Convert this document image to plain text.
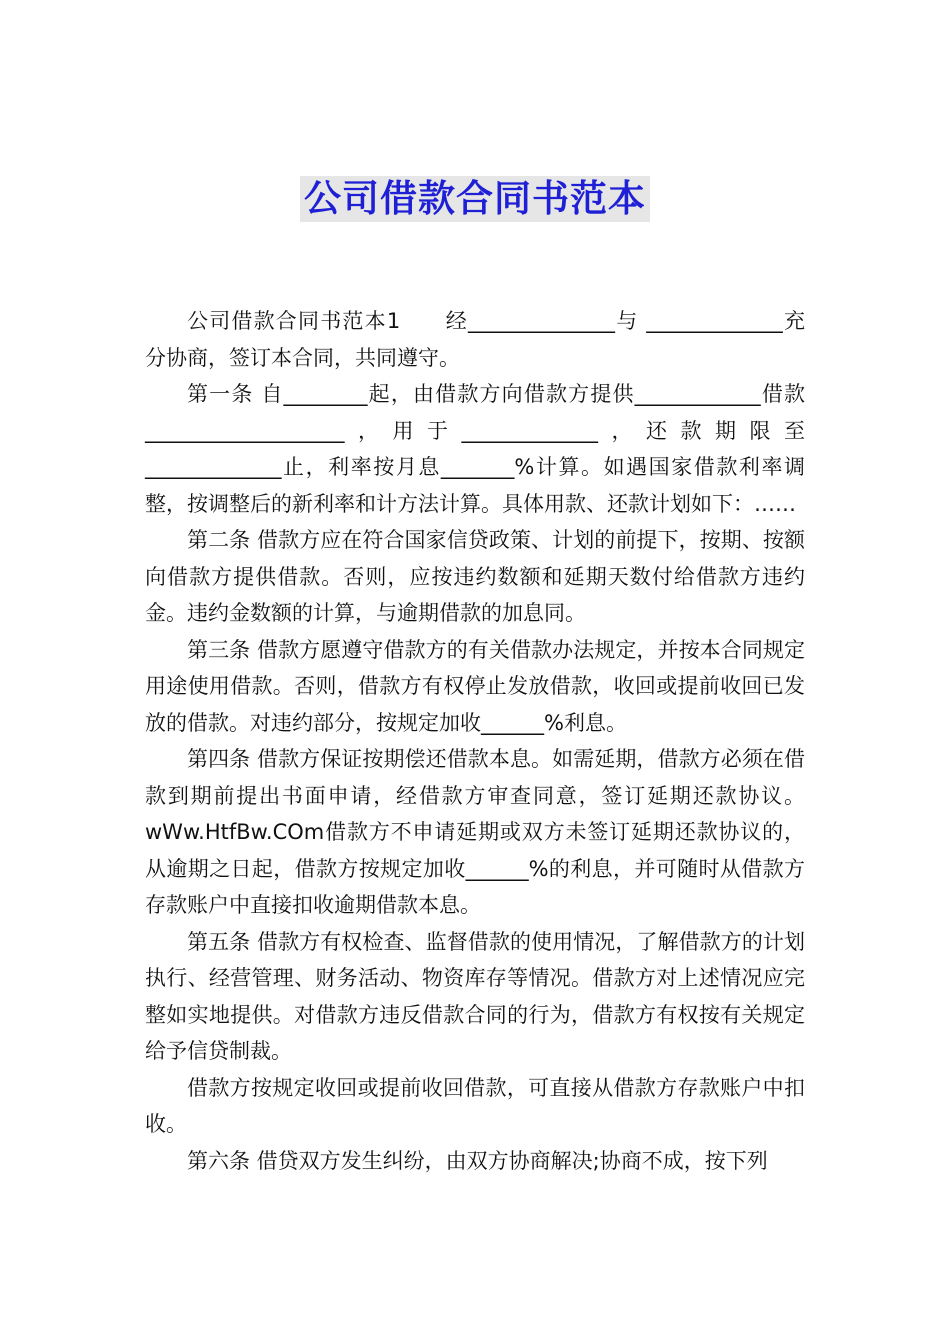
公司借款合同书范本

公司借款合同书范本1　　经______________与 _____________充分协商，签订本合同，共同遵守。

第一条 自________起，由借款方向借款方提供____________借款___________________，用于_____________，还款期限至_____________止，利率按月息_______%计算。如遇国家借款利率调整，按调整后的新利率和计方法计算。具体用款、还款计划如下：……

第二条 借款方应在符合国家信贷政策、计划的前提下，按期、按额向借款方提供借款。否则，应按违约数额和延期天数付给借款方违约金。违约金数额的计算，与逾期借款的加息同。

第三条 借款方愿遵守借款方的有关借款办法规定，并按本合同规定用途使用借款。否则，借款方有权停止发放借款，收回或提前收回已发放的借款。对违约部分，按规定加收______%利息。

第四条 借款方保证按期偿还借款本息。如需延期，借款方必须在借款到期前提出书面申请，经借款方审查同意，签订延期还款协议。wWw.HtfBw.COm借款方不申请延期或双方未签订延期还款协议的，从逾期之日起，借款方按规定加收______%的利息，并可随时从借款方存款账户中直接扣收逾期借款本息。

第五条 借款方有权检查、监督借款的使用情况，了解借款方的计划执行、经营管理、财务活动、物资库存等情况。借款方对上述情况应完整如实地提供。对借款方违反借款合同的行为，借款方有权按有关规定给予信贷制裁。

借款方按规定收回或提前收回借款，可直接从借款方存款账户中扣收。

第六条 借贷双方发生纠纷，由双方协商解决;协商不成，按下列
